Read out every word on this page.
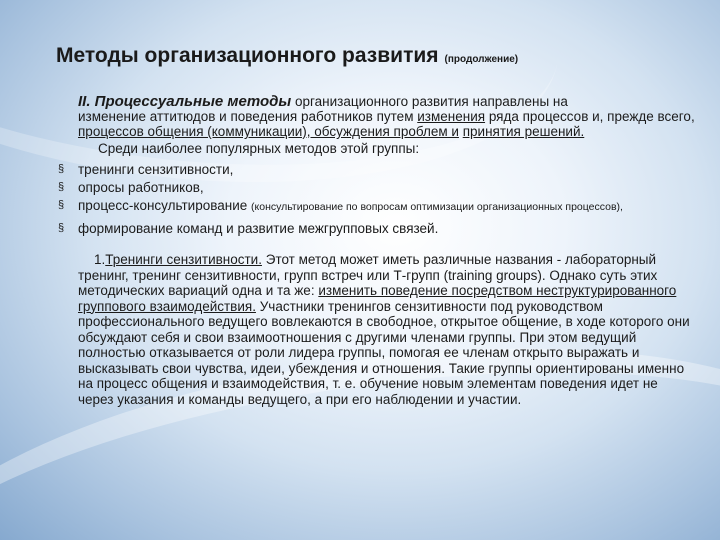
Методы организационного развития (продолжение)
II. Процессуальные методы организационного развития направлены на
изменение аттитюдов и поведения работников путем изменения ряда процессов и, прежде всего, процессов общения (коммуникации), обсуждения проблем и принятия решений.
Среди наиболее популярных методов этой группы:
§ тренинги сензитивности,
§ опросы работников,
§ процесс-консультирование (консультирование по вопросам оптимизации организационных процессов),
§ формирование команд и развитие межгрупповых связей.
1.Тренинги сензитивности. Этот метод может иметь различные названия - лабораторный тренинг, тренинг сензитивности, групп встреч или Т-групп (training groups). Однако суть этих методических вариаций одна и та же: изменить поведение посредством неструктурированного группового взаимодействия. Участники тренингов сензитивности под руководством профессионального ведущего вовлекаются в свободное, открытое общение, в ходе которого они обсуждают себя и свои взаимоотношения с другими членами группы. При этом ведущий полностью отказывается от роли лидера группы, помогая ее членам открыто выражать и высказывать свои чувства, идеи, убеждения и отношения. Такие группы ориентированы именно на процесс общения и взаимодействия, т. е. обучение новым элементам поведения идет не через указания и команды ведущего, а при его наблюдении и участии.
